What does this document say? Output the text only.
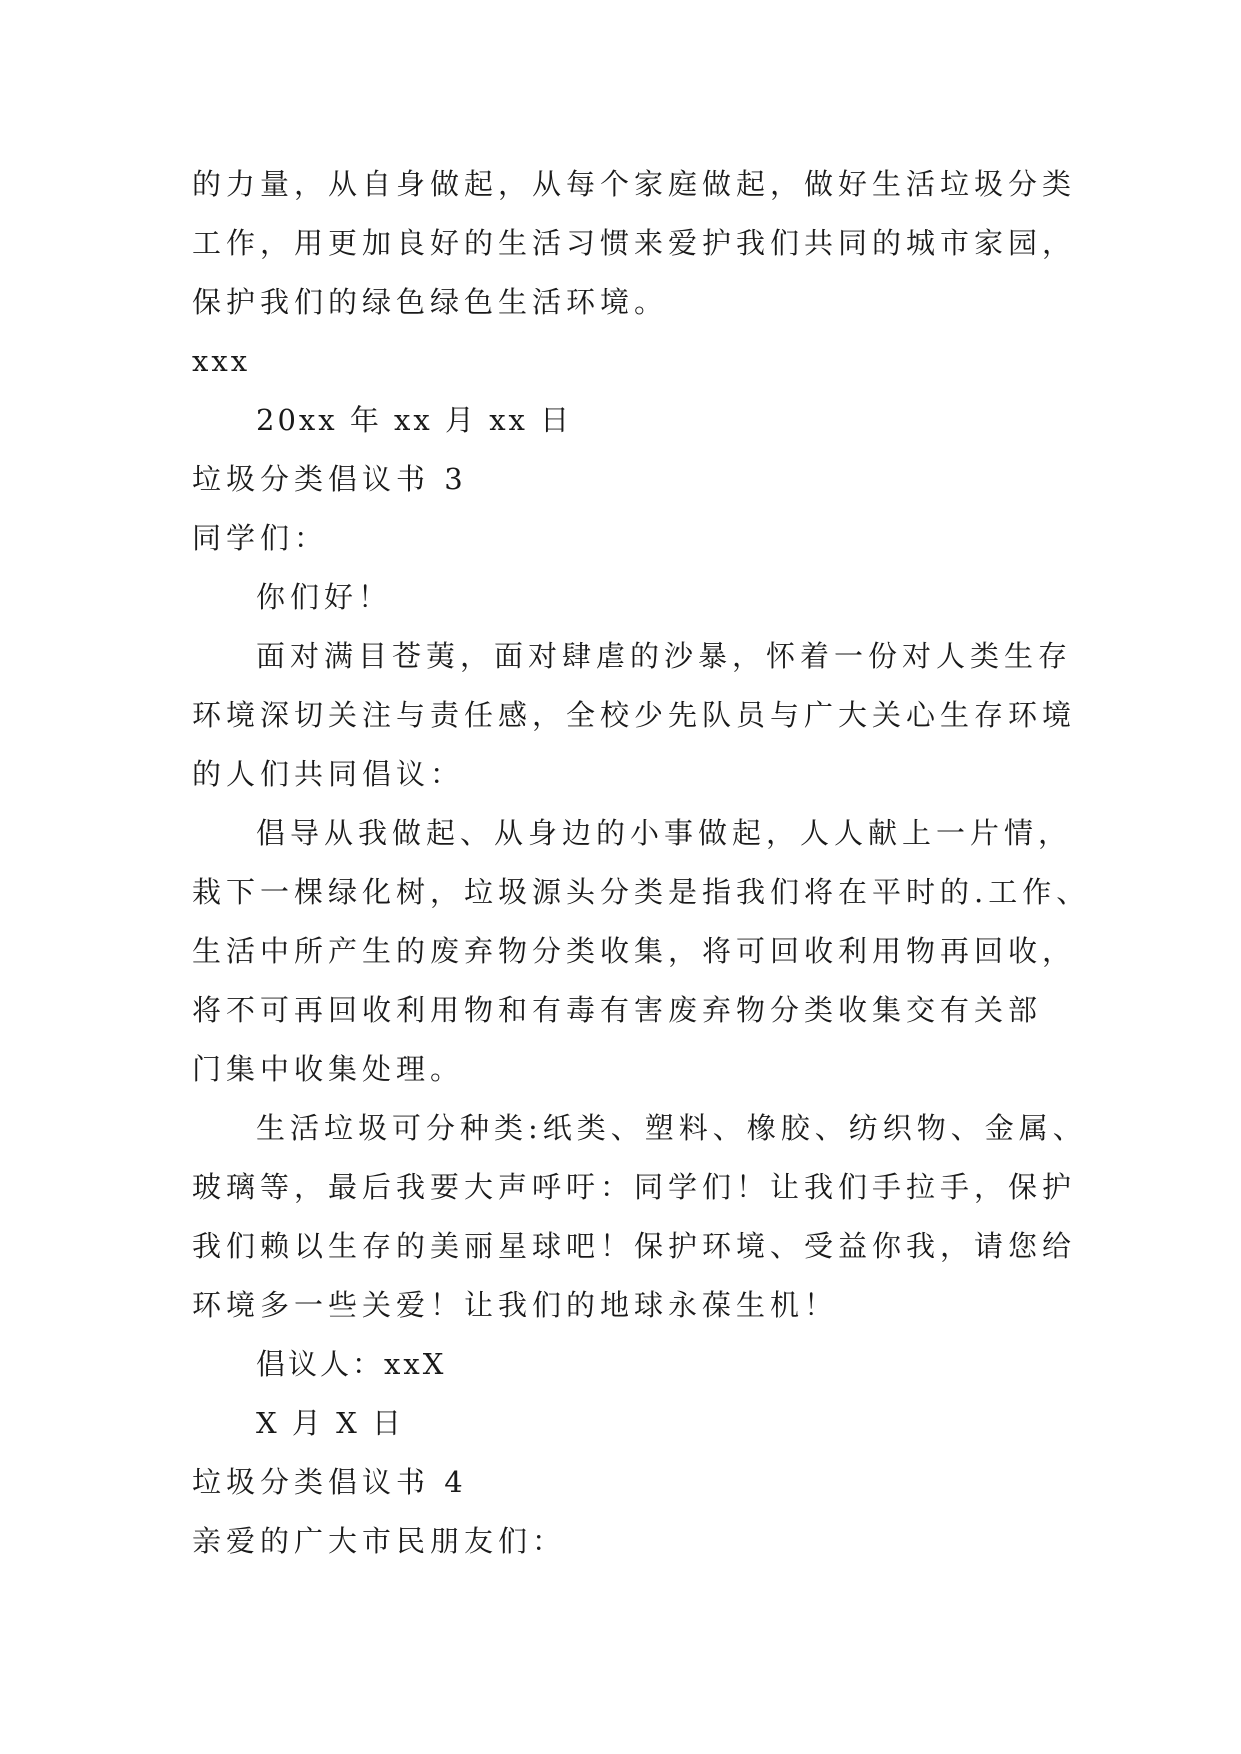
的力量，从自身做起，从每个家庭做起，做好生活垃圾分类
工作，用更加良好的生活习惯来爱护我们共同的城市家园，
保护我们的绿色绿色生活环境。
xxx
20xx 年 xx 月 xx 日
垃圾分类倡议书 3
同学们：
你们好！
面对满目苍荑，面对肆虐的沙暴，怀着一份对人类生存
环境深切关注与责任感，全校少先队员与广大关心生存环境
的人们共同倡议：
倡导从我做起、从身边的小事做起，人人献上一片情，
栽下一棵绿化树，垃圾源头分类是指我们将在平时的.工作、
生活中所产生的废弃物分类收集，将可回收利用物再回收，
将不可再回收利用物和有毒有害废弃物分类收集交有关部
门集中收集处理。
生活垃圾可分种类:纸类、塑料、橡胶、纺织物、金属、
玻璃等，最后我要大声呼吁：同学们！让我们手拉手，保护
我们赖以生存的美丽星球吧！保护环境、受益你我，请您给
环境多一些关爱！让我们的地球永葆生机！
倡议人：xxX
X 月 X 日
垃圾分类倡议书 4
亲爱的广大市民朋友们：
